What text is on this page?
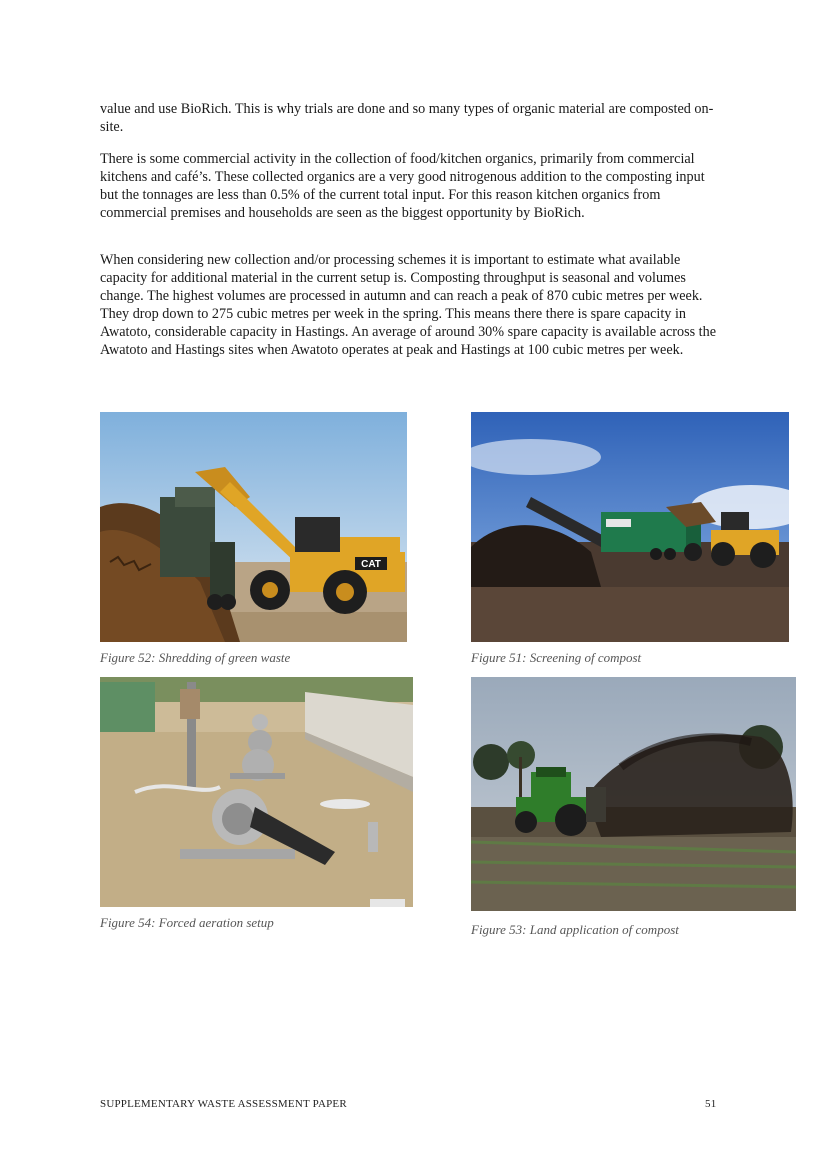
value and use BioRich. This is why trials are done and so many types of organic material are composted on-site.

There is some commercial activity in the collection of food/kitchen organics, primarily from commercial kitchens and café’s. These collected organics are a very good nitrogenous addition to the composting input but the tonnages are less than 0.5% of the current total input. For this reason kitchen organics from commercial premises and households are seen as the biggest opportunity by BioRich.

When considering new collection and/or processing schemes it is important to estimate what available capacity for additional material in the current setup is. Composting throughput is seasonal and volumes change. The highest volumes are processed in autumn and can reach a peak of 870 cubic metres per week. They drop down to 275 cubic metres per week in the spring. This means there there is spare capacity in Awatoto, considerable capacity in Hastings. An average of around 30% spare capacity is available across the Awatoto and Hastings sites when Awatoto operates at peak and Hastings at 100 cubic metres per week.

CAT
Figure 52: Shredding of green waste	Figure 51: Screening of compost
Figure 54: Forced aeration setup	Figure 53: Land application of compost
SUPPLEMENTARY WASTE ASSESSMENT PAPER	51
